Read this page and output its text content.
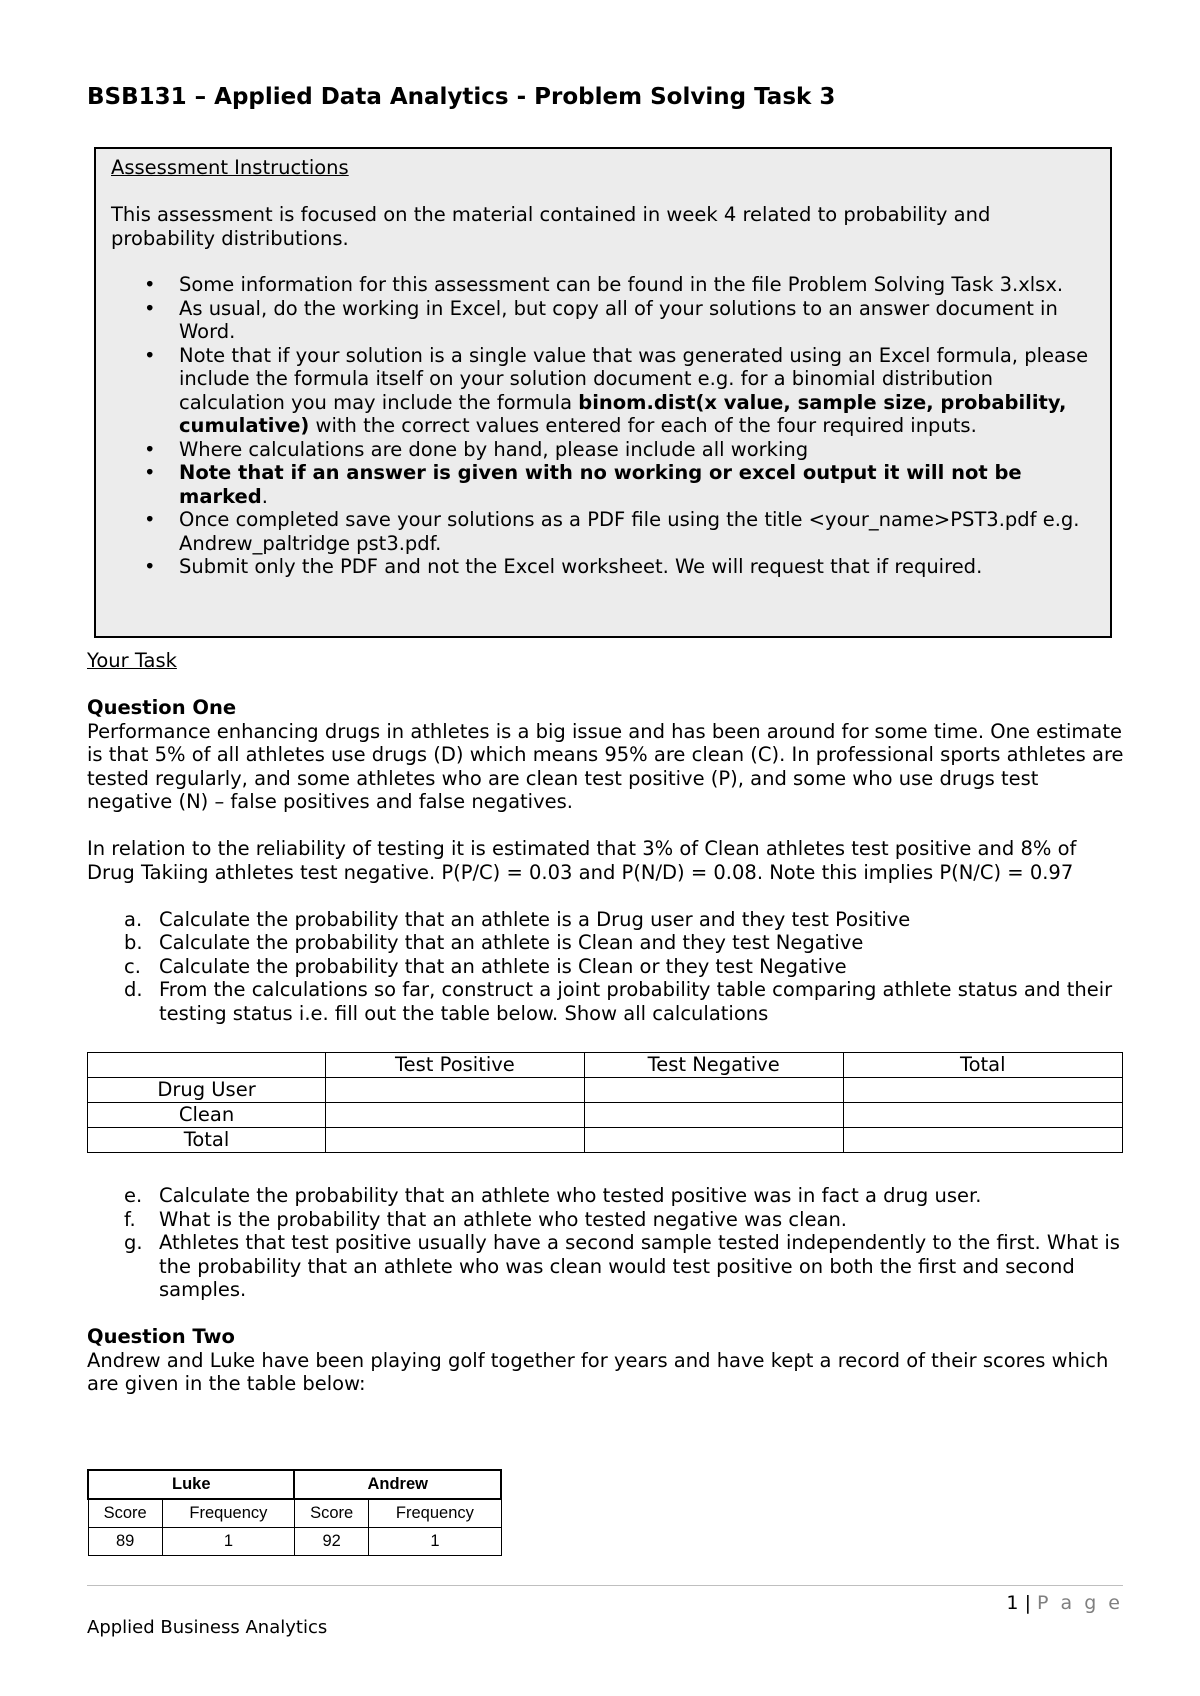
BSB131 – Applied Data Analytics - Problem Solving Task 3

Assessment Instructions

This assessment is focused on the material contained in week 4 related to probability and probability distributions.

• Some information for this assessment can be found in the file Problem Solving Task 3.xlsx.
• As usual, do the working in Excel, but copy all of your solutions to an answer document in Word.
• Note that if your solution is a single value that was generated using an Excel formula, please include the formula itself on your solution document e.g. for a binomial distribution calculation you may include the formula binom.dist(x value, sample size, probability, cumulative) with the correct values entered for each of the four required inputs.
• Where calculations are done by hand, please include all working
• Note that if an answer is given with no working or excel output it will not be marked.
• Once completed save your solutions as a PDF file using the title <your_name>PST3.pdf e.g. Andrew_paltridge pst3.pdf.
• Submit only the PDF and not the Excel worksheet. We will request that if required.

Your Task

Question One

Performance enhancing drugs in athletes is a big issue and has been around for some time. One estimate is that 5% of all athletes use drugs (D) which means 95% are clean (C). In professional sports athletes are tested regularly, and some athletes who are clean test positive (P), and some who use drugs test negative (N) – false positives and false negatives.

In relation to the reliability of testing it is estimated that 3% of Clean athletes test positive and 8% of Drug Takiing athletes test negative. P(P/C) = 0.03 and P(N/D) = 0.08. Note this implies P(N/C) = 0.97

a. Calculate the probability that an athlete is a Drug user and they test Positive
b. Calculate the probability that an athlete is Clean and they test Negative
c. Calculate the probability that an athlete is Clean or they test Negative
d. From the calculations so far, construct a joint probability table comparing athlete status and their testing status i.e. fill out the table below. Show all calculations
	Test Positive	Test Negative	Total
Drug User			
Clean			
Total			
e. Calculate the probability that an athlete who tested positive was in fact a drug user.
f. What is the probability that an athlete who tested negative was clean.
g. Athletes that test positive usually have a second sample tested independently to the first. What is the probability that an athlete who was clean would test positive on both the first and second samples.

Question Two

Andrew and Luke have been playing golf together for years and have kept a record of their scores which are given in the table below:

Luke		Andrew	
Score	Frequency	Score	Frequency
89	1	92	1
1 | P a g e
Applied Business Analytics
